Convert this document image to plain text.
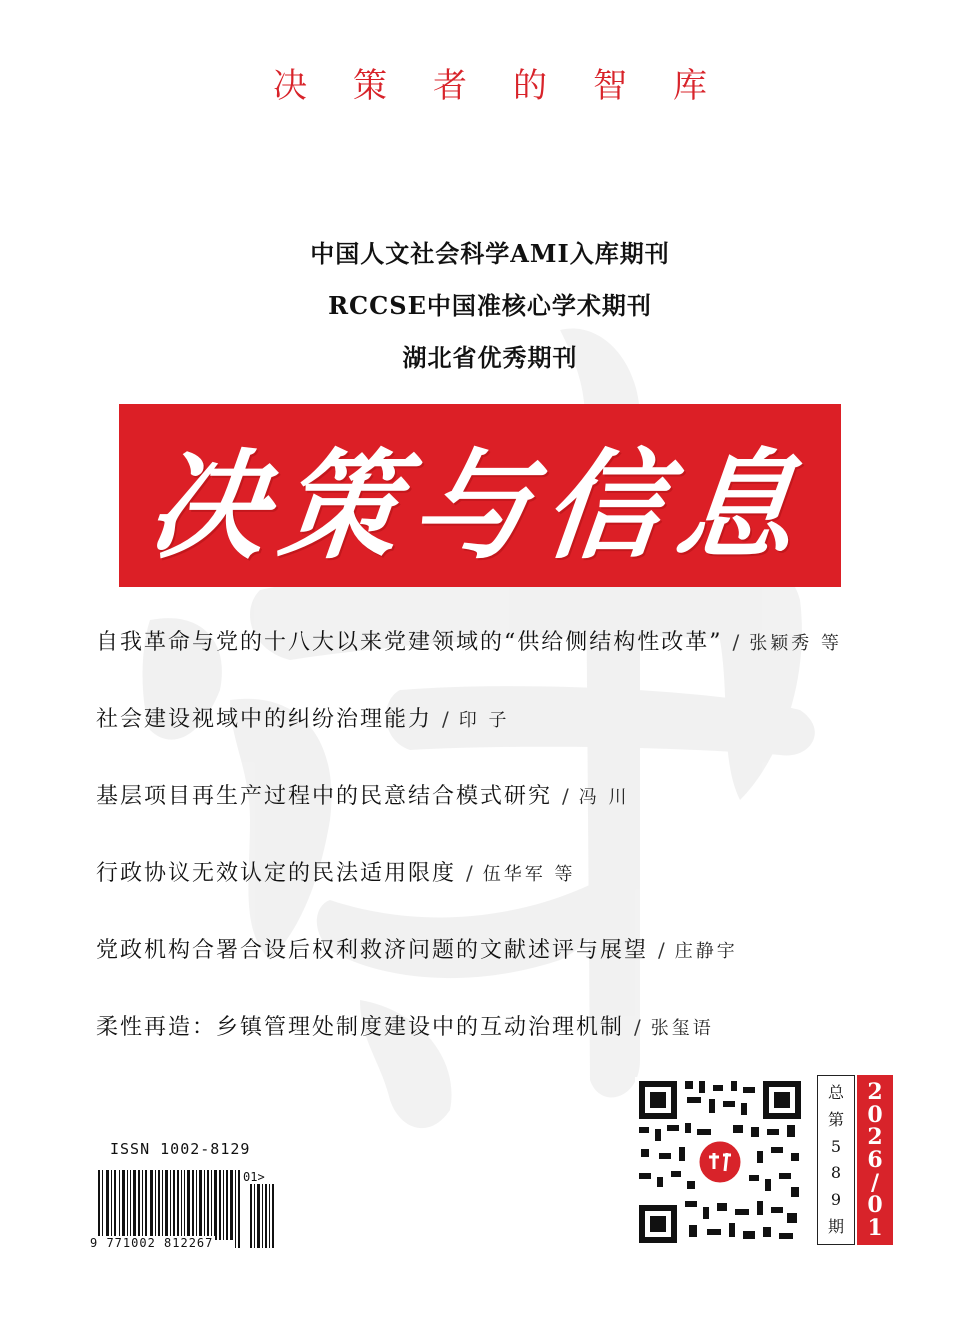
决策者的智库
中国人文社会科学AMI入库期刊
RCCSE中国准核心学术期刊
湖北省优秀期刊
决策与信息
自我革命与党的十八大以来党建领域的“供给侧结构性改革” / 张颖秀 等
社会建设视域中的纠纷治理能力 / 印 子
基层项目再生产过程中的民意结合模式研究 / 冯 川
行政协议无效认定的民法适用限度 / 伍华军 等
党政机构合署合设后权利救济问题的文献述评与展望 / 庄静宇
柔性再造：乡镇管理处制度建设中的互动治理机制 / 张玺语
ISSN 1002-8129
9 771002 812267
01>
总
第
5
8
9
期
2
0
2
6
/
0
1
